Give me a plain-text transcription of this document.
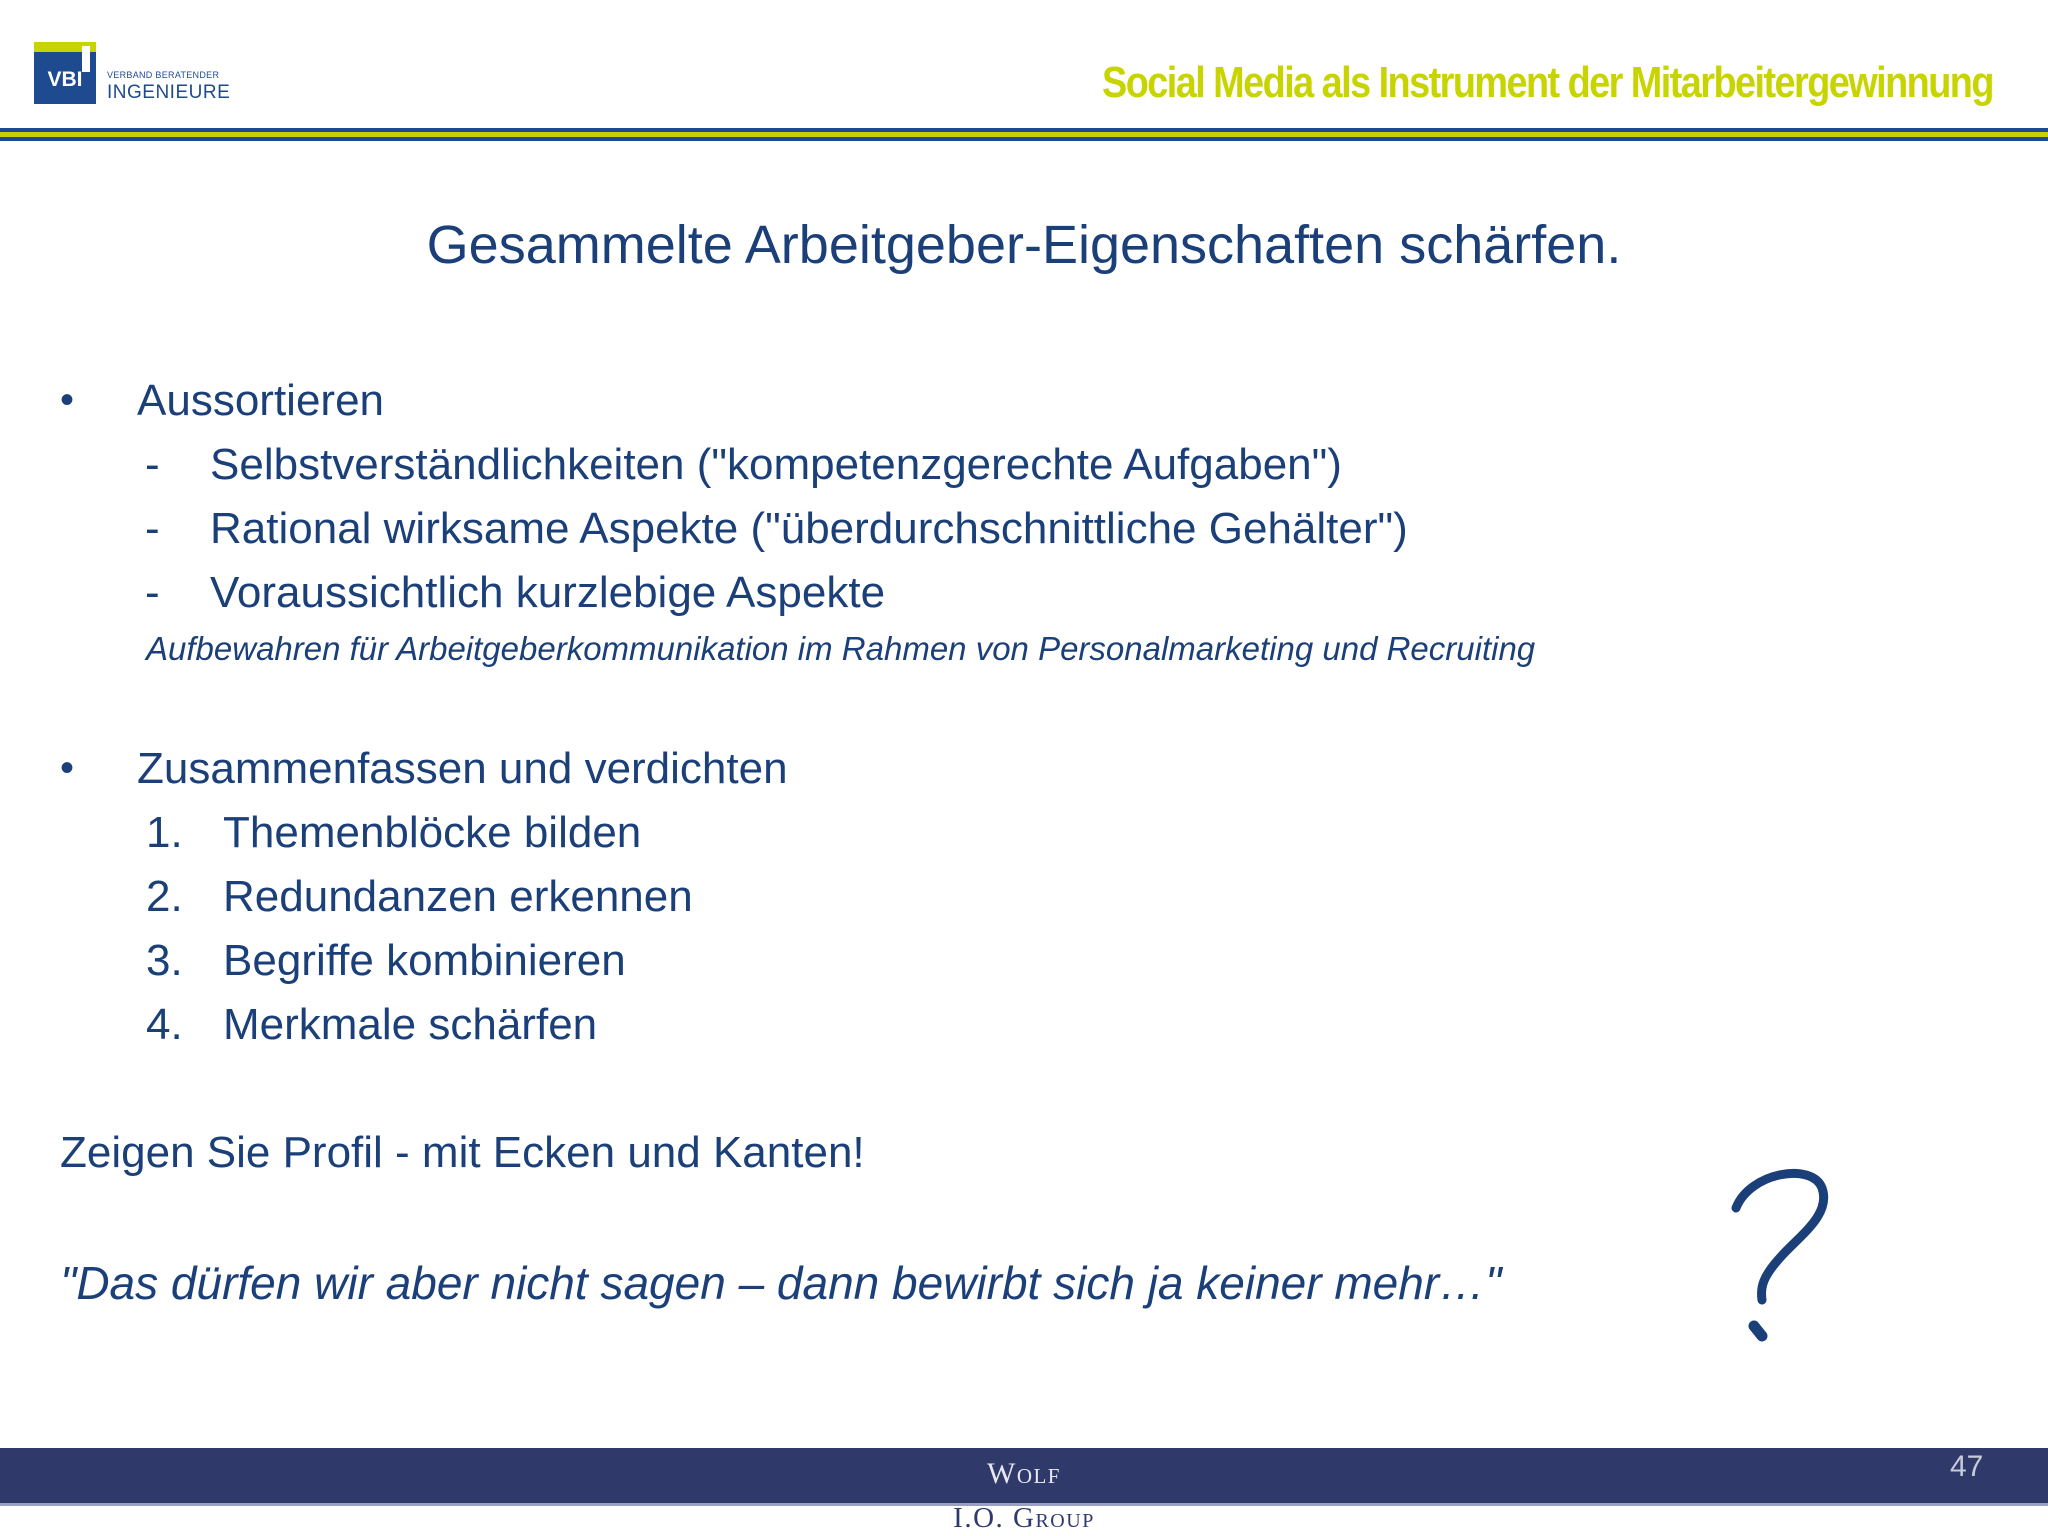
VBI	VERBAND BERATENDER
INGENIEURE	Social Media als Instrument der Mitarbeitergewinnung
Gesammelte Arbeitgeber-Eigenschaften schärfen.
• Aussortieren
- Selbstverständlichkeiten ("kompetenzgerechte Aufgaben")
- Rational wirksame Aspekte ("überdurchschnittliche Gehälter")
- Voraussichtlich kurzlebige Aspekte
Aufbewahren für Arbeitgeberkommunikation im Rahmen von Personalmarketing und Recruiting
• Zusammenfassen und verdichten
1. Themenblöcke bilden
2. Redundanzen erkennen
3. Begriffe kombinieren
4. Merkmale schärfen
Zeigen Sie Profil - mit Ecken und Kanten!
"Das dürfen wir aber nicht sagen – dann bewirbt sich ja keiner mehr…"
Wolf
I.O. Group
47
